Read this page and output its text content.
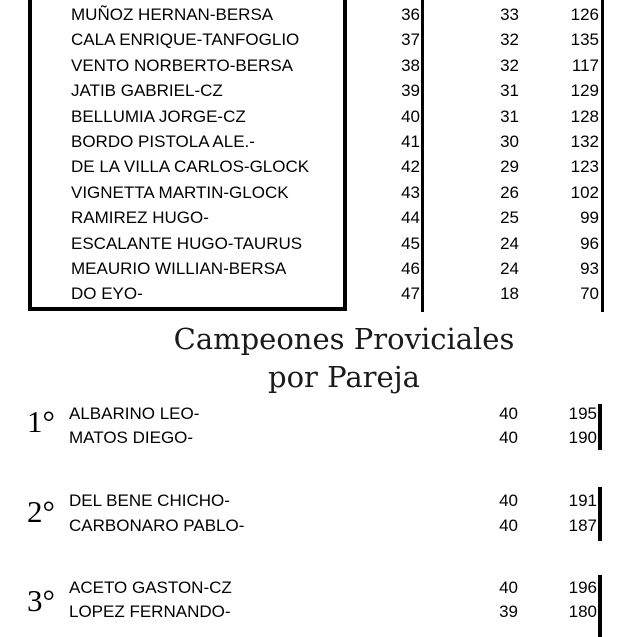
MUÑOZ HERNAN-BERSA	36	33	126
CALA ENRIQUE-TANFOGLIO	37	32	135
VENTO NORBERTO-BERSA	38	32	117
JATIB GABRIEL-CZ	39	31	129
BELLUMIA JORGE-CZ	40	31	128
BORDO PISTOLA ALE.-	41	30	132
DE LA VILLA CARLOS-GLOCK	42	29	123
VIGNETTA MARTIN-GLOCK	43	26	102
RAMIREZ HUGO-	44	25	99
ESCALANTE HUGO-TAURUS	45	24	96
MEAURIO WILLIAN-BERSA	46	24	93
DO EYO-	47	18	70
Campeones Proviciales
por Pareja
1° ALBARINO LEO-	40	195
MATOS DIEGO-	40	190
2° DEL BENE CHICHO-	40	191
CARBONARO PABLO-	40	187
3° ACETO GASTON-CZ	40	196
LOPEZ FERNANDO-	39	180
